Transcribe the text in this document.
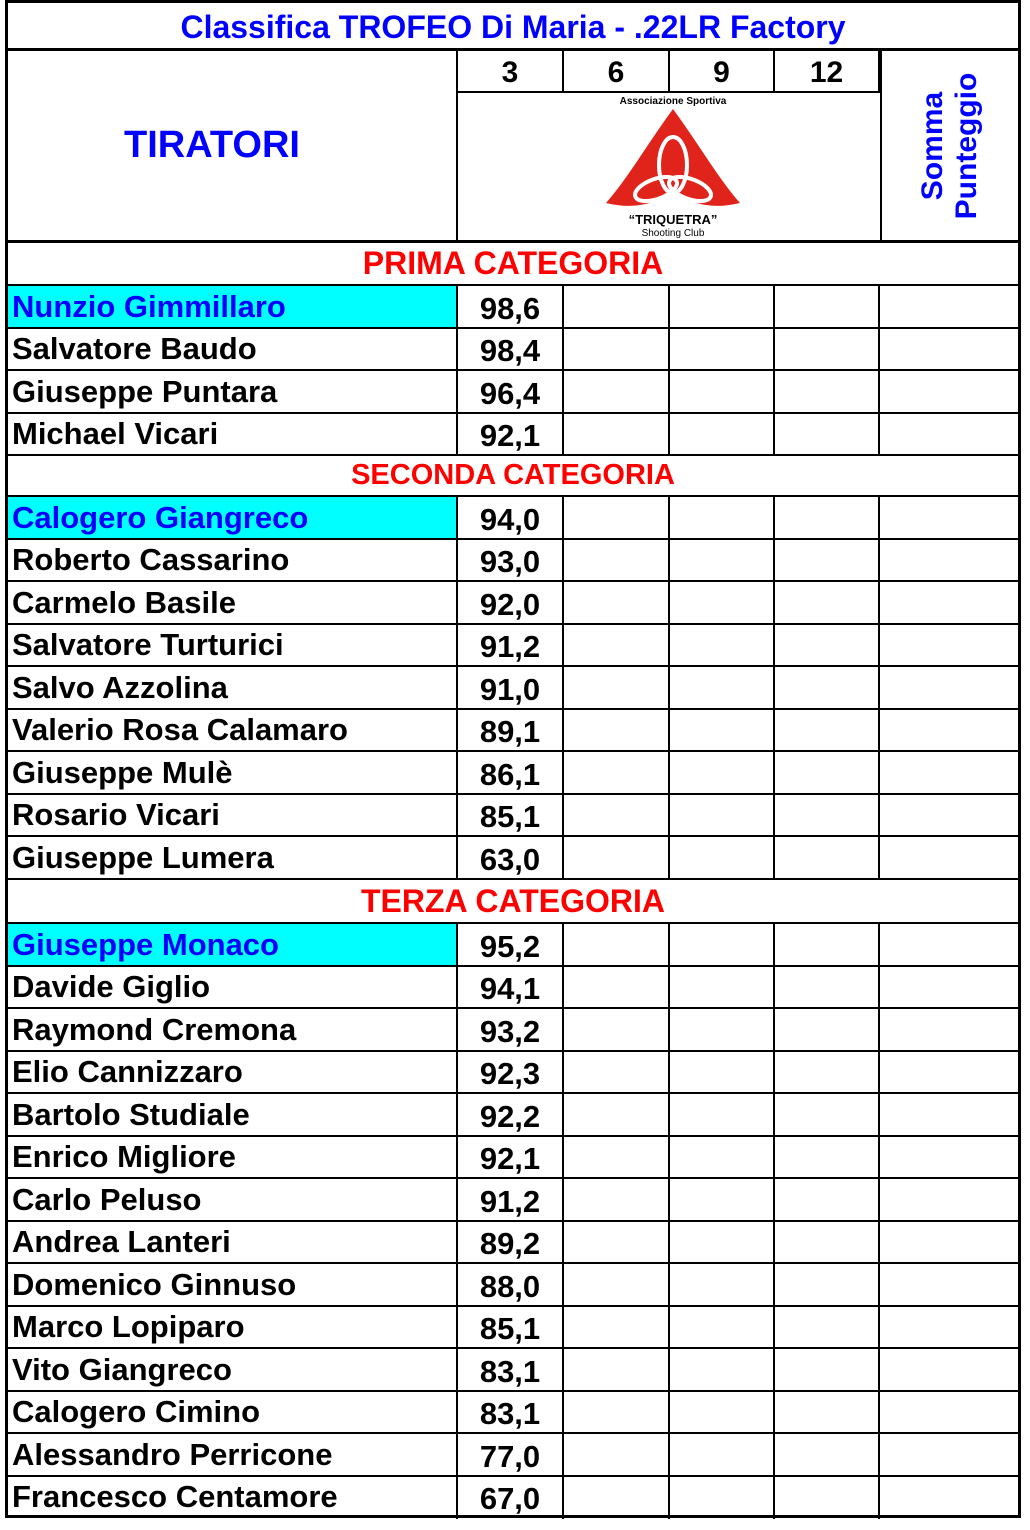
Classifica TROFEO Di Maria - .22LR Factory
TIRATORI
3	6	9	12
Associazione Sportiva
“TRIQUETRA”
Shooting Club
Somma Punteggio
PRIMA CATEGORIA
Nunzio Gimmillaro	98,6
Salvatore Baudo	98,4
Giuseppe Puntara	96,4
Michael Vicari	92,1
SECONDA CATEGORIA
Calogero Giangreco	94,0
Roberto Cassarino	93,0
Carmelo Basile	92,0
Salvatore Turturici	91,2
Salvo Azzolina	91,0
Valerio Rosa Calamaro	89,1
Giuseppe Mulè	86,1
Rosario Vicari	85,1
Giuseppe Lumera	63,0
TERZA CATEGORIA
Giuseppe Monaco	95,2
Davide Giglio	94,1
Raymond Cremona	93,2
Elio Cannizzaro	92,3
Bartolo Studiale	92,2
Enrico Migliore	92,1
Carlo Peluso	91,2
Andrea Lanteri	89,2
Domenico Ginnuso	88,0
Marco Lopiparo	85,1
Vito Giangreco	83,1
Calogero Cimino	83,1
Alessandro Perricone	77,0
Francesco Centamore	67,0
